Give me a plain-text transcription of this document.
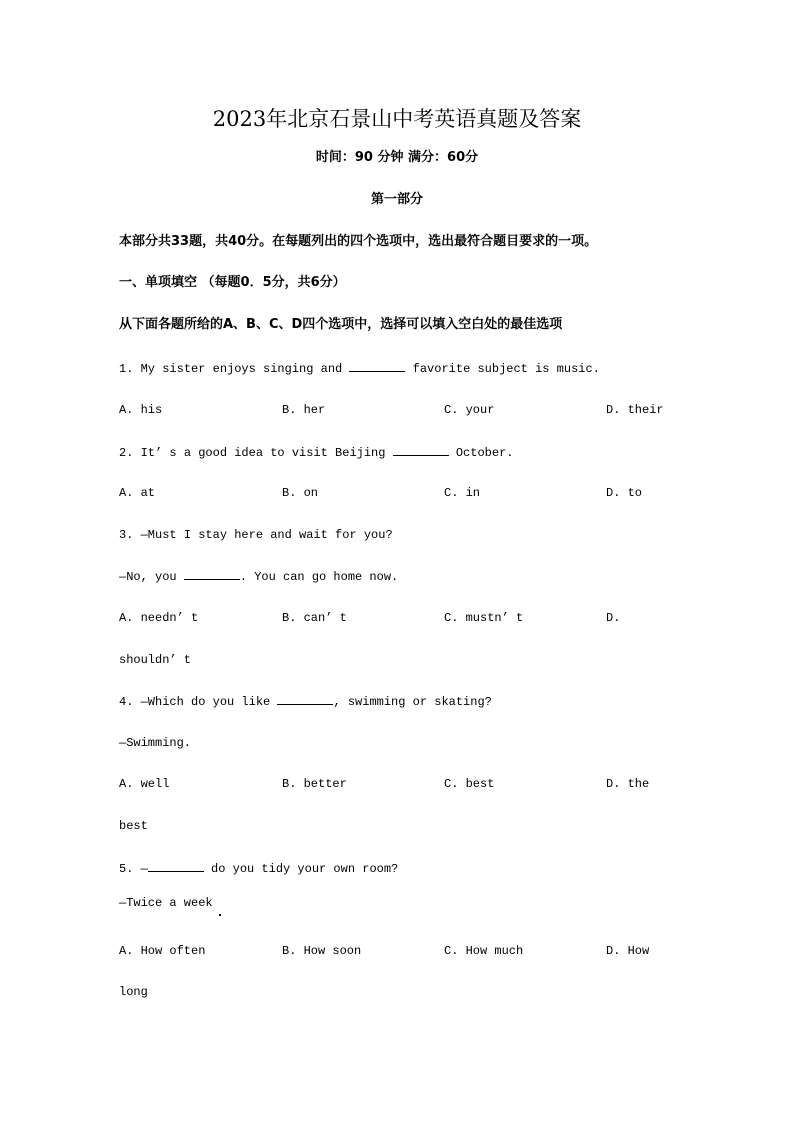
2023年北京石景山中考英语真题及答案
时间：90 分钟 满分：60分
第一部分
本部分共33题，共40分。在每题列出的四个选项中，选出最符合题目要求的一项。
一、单项填空 （每题0．5分，共6分）
从下面各题所给的A、B、C、D四个选项中，选择可以填入空白处的最佳选项
1. My sister enjoys singing and	favorite subject is music.
A. his	B. her	C. your	D. their
2. It’ s a good idea to visit Beijing	October.
A. at	B. on	C. in	D. to
3. —Must I stay here and wait for you?
—No, you	. You can go home now.
A. needn’ t	B. can’ t	C. mustn’ t	D.
shouldn’ t
4. —Which do you like	, swimming or skating?
—Swimming.
A. well	B. better	C. best	D. the
best
5. —	do you tidy your own room?
—Twice a week
A. How often	B. How soon	C. How much	D. How
long
